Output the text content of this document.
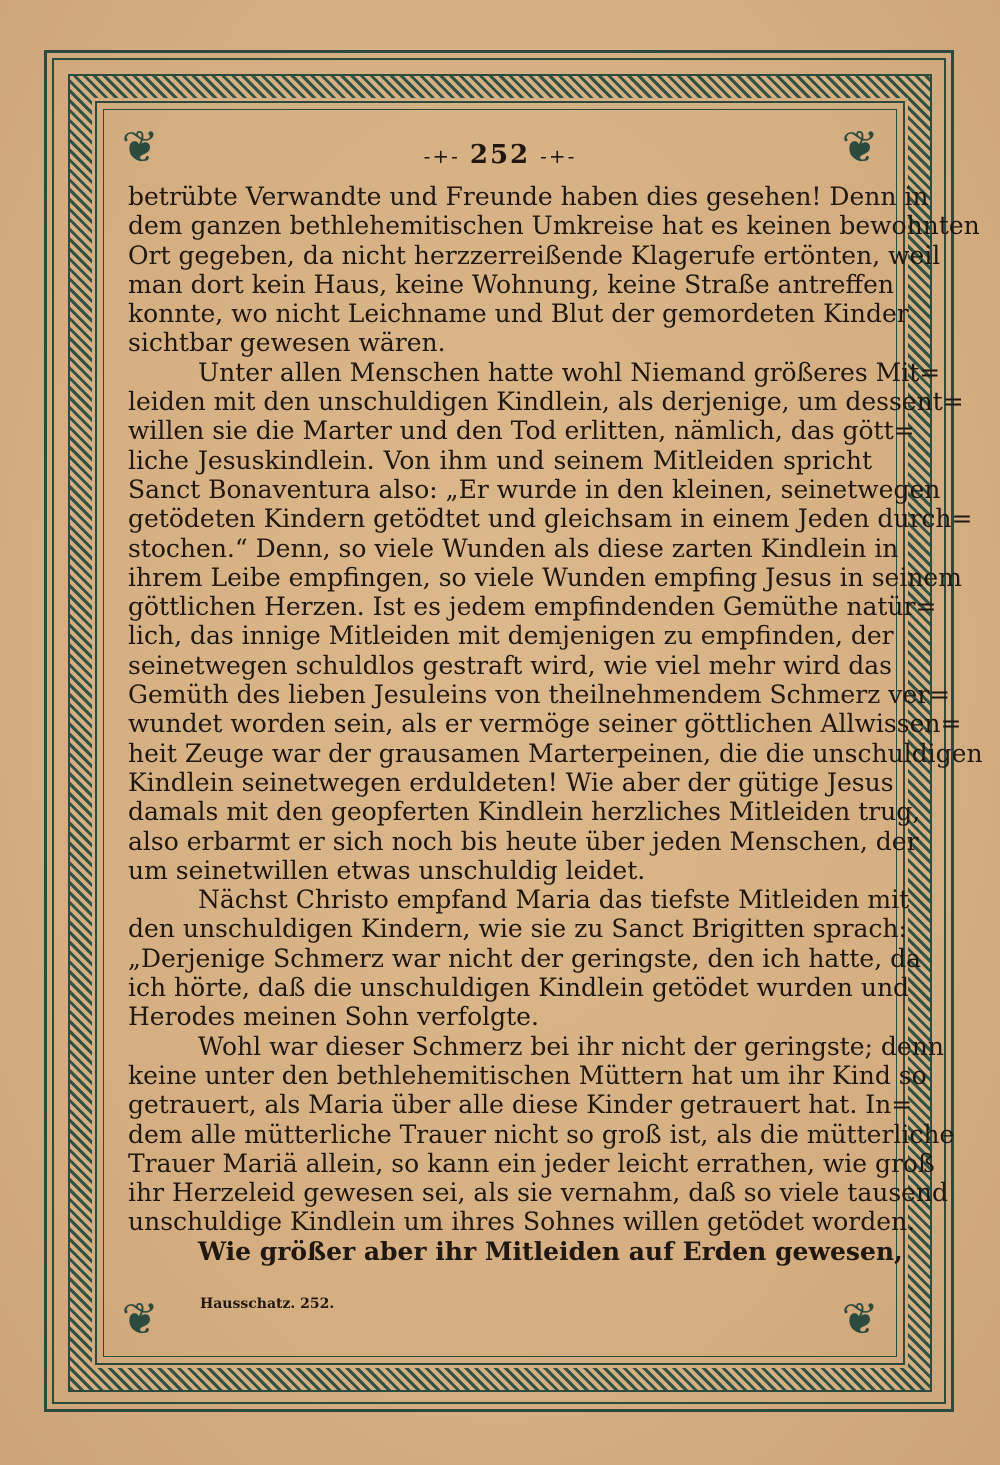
❦	❦
❦	❦
-+- 252 -+-
betrübte Verwandte und Freunde haben dies gesehen! Denn in
dem ganzen bethlehemitischen Umkreise hat es keinen bewohnten
Ort gegeben, da nicht herzzerreißende Klagerufe ertönten, weil
man dort kein Haus, keine Wohnung, keine Straße antreffen
konnte, wo nicht Leichname und Blut der gemordeten Kinder
sichtbar gewesen wären.
Unter allen Menschen hatte wohl Niemand größeres Mit=
leiden mit den unschuldigen Kindlein, als derjenige, um dessent=
willen sie die Marter und den Tod erlitten, nämlich, das gött=
liche Jesuskindlein. Von ihm und seinem Mitleiden spricht
Sanct Bonaventura also: „Er wurde in den kleinen, seinetwegen
getödeten Kindern getödtet und gleichsam in einem Jeden durch=
stochen.“ Denn, so viele Wunden als diese zarten Kindlein in
ihrem Leibe empfingen, so viele Wunden empfing Jesus in seinem
göttlichen Herzen. Ist es jedem empfindenden Gemüthe natür=
lich, das innige Mitleiden mit demjenigen zu empfinden, der
seinetwegen schuldlos gestraft wird, wie viel mehr wird das
Gemüth des lieben Jesuleins von theilnehmendem Schmerz ver=
wundet worden sein, als er vermöge seiner göttlichen Allwissen=
heit Zeuge war der grausamen Marterpeinen, die die unschuldigen
Kindlein seinetwegen erduldeten! Wie aber der gütige Jesus
damals mit den geopferten Kindlein herzliches Mitleiden trug,
also erbarmt er sich noch bis heute über jeden Menschen, der
um seinetwillen etwas unschuldig leidet.
Nächst Christo empfand Maria das tiefste Mitleiden mit
den unschuldigen Kindern, wie sie zu Sanct Brigitten sprach:
„Derjenige Schmerz war nicht der geringste, den ich hatte, da
ich hörte, daß die unschuldigen Kindlein getödet wurden und
Herodes meinen Sohn verfolgte.
Wohl war dieser Schmerz bei ihr nicht der geringste; denn
keine unter den bethlehemitischen Müttern hat um ihr Kind so
getrauert, als Maria über alle diese Kinder getrauert hat. In=
dem alle mütterliche Trauer nicht so groß ist, als die mütterliche
Trauer Mariä allein, so kann ein jeder leicht errathen, wie groß
ihr Herzeleid gewesen sei, als sie vernahm, daß so viele tausend
unschuldige Kindlein um ihres Sohnes willen getödet worden.
Wie größer aber ihr Mitleiden auf Erden gewesen,
Hausschatz. 252.
